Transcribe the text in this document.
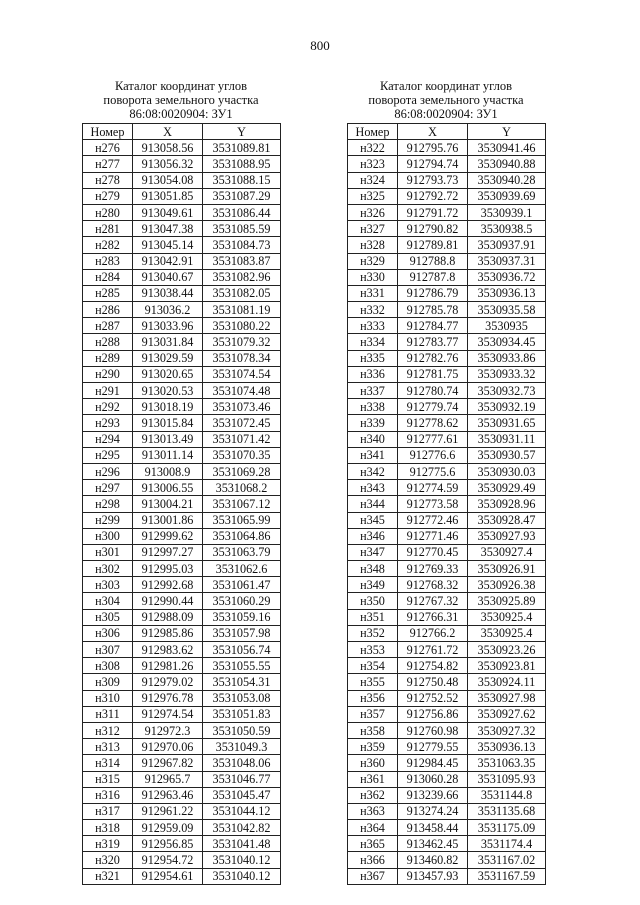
800
Каталог координат углов
поворота земельного участка
86:08:0020904: ЗУ1
Номер	X	Y
н276	913058.56	3531089.81
н277	913056.32	3531088.95
н278	913054.08	3531088.15
н279	913051.85	3531087.29
н280	913049.61	3531086.44
н281	913047.38	3531085.59
н282	913045.14	3531084.73
н283	913042.91	3531083.87
н284	913040.67	3531082.96
н285	913038.44	3531082.05
н286	913036.2	3531081.19
н287	913033.96	3531080.22
н288	913031.84	3531079.32
н289	913029.59	3531078.34
н290	913020.65	3531074.54
н291	913020.53	3531074.48
н292	913018.19	3531073.46
н293	913015.84	3531072.45
н294	913013.49	3531071.42
н295	913011.14	3531070.35
н296	913008.9	3531069.28
н297	913006.55	3531068.2
н298	913004.21	3531067.12
н299	913001.86	3531065.99
н300	912999.62	3531064.86
н301	912997.27	3531063.79
н302	912995.03	3531062.6
н303	912992.68	3531061.47
н304	912990.44	3531060.29
н305	912988.09	3531059.16
н306	912985.86	3531057.98
н307	912983.62	3531056.74
н308	912981.26	3531055.55
н309	912979.02	3531054.31
н310	912976.78	3531053.08
н311	912974.54	3531051.83
н312	912972.3	3531050.59
н313	912970.06	3531049.3
н314	912967.82	3531048.06
н315	912965.7	3531046.77
н316	912963.46	3531045.47
н317	912961.22	3531044.12
н318	912959.09	3531042.82
н319	912956.85	3531041.48
н320	912954.72	3531040.12
н321	912954.61	3531040.12
Каталог координат углов
поворота земельного участка
86:08:0020904: ЗУ1
Номер	X	Y
н322	912795.76	3530941.46
н323	912794.74	3530940.88
н324	912793.73	3530940.28
н325	912792.72	3530939.69
н326	912791.72	3530939.1
н327	912790.82	3530938.5
н328	912789.81	3530937.91
н329	912788.8	3530937.31
н330	912787.8	3530936.72
н331	912786.79	3530936.13
н332	912785.78	3530935.58
н333	912784.77	3530935
н334	912783.77	3530934.45
н335	912782.76	3530933.86
н336	912781.75	3530933.32
н337	912780.74	3530932.73
н338	912779.74	3530932.19
н339	912778.62	3530931.65
н340	912777.61	3530931.11
н341	912776.6	3530930.57
н342	912775.6	3530930.03
н343	912774.59	3530929.49
н344	912773.58	3530928.96
н345	912772.46	3530928.47
н346	912771.46	3530927.93
н347	912770.45	3530927.4
н348	912769.33	3530926.91
н349	912768.32	3530926.38
н350	912767.32	3530925.89
н351	912766.31	3530925.4
н352	912766.2	3530925.4
н353	912761.72	3530923.26
н354	912754.82	3530923.81
н355	912750.48	3530924.11
н356	912752.52	3530927.98
н357	912756.86	3530927.62
н358	912760.98	3530927.32
н359	912779.55	3530936.13
н360	912984.45	3531063.35
н361	913060.28	3531095.93
н362	913239.66	3531144.8
н363	913274.24	3531135.68
н364	913458.44	3531175.09
н365	913462.45	3531174.4
н366	913460.82	3531167.02
н367	913457.93	3531167.59
